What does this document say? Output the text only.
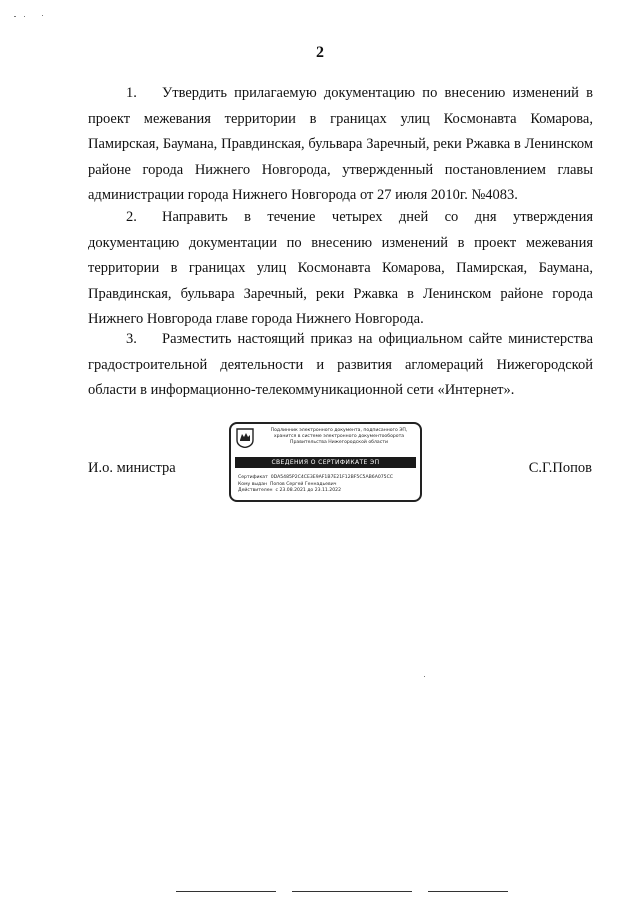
2
1. Утвердить прилагаемую документацию по внесению изменений в проект межевания территории в границах улиц Космонавта Комарова, Памирская, Баумана, Правдинская, бульвара Заречный, реки Ржавка в Ленинском районе города Нижнего Новгорода, утвержденный постановлением главы администрации города Нижнего Новгорода от 27 июля 2010г. №4083.
2. Направить в течение четырех дней со дня утверждения документацию документации по внесению изменений в проект межевания территории в границах улиц Космонавта Комарова, Памирская, Баумана, Правдинская, бульвара Заречный, реки Ржавка в Ленинском районе города Нижнего Новгорода главе города Нижнего Новгорода.
3. Разместить настоящий приказ на официальном сайте министерства градостроительной деятельности и развития агломераций Нижегородской области в информационно-телекоммуникационной сети «Интернет».
И.о. министра	С.Г.Попов
Подлинник электронного документа, подписанного ЭП, хранится в системе электронного документооборота Правительства Нижегородской области
СВЕДЕНИЯ О СЕРТИФИКАТЕ ЭП
Сертификат 0DA5485P2C4CE3E9AF1B7E21F12BF5C5AB6A075CC
Кому выдан Попов Сергей Геннадьевич
Действителен с 23.08.2021 до 23.11.2022
